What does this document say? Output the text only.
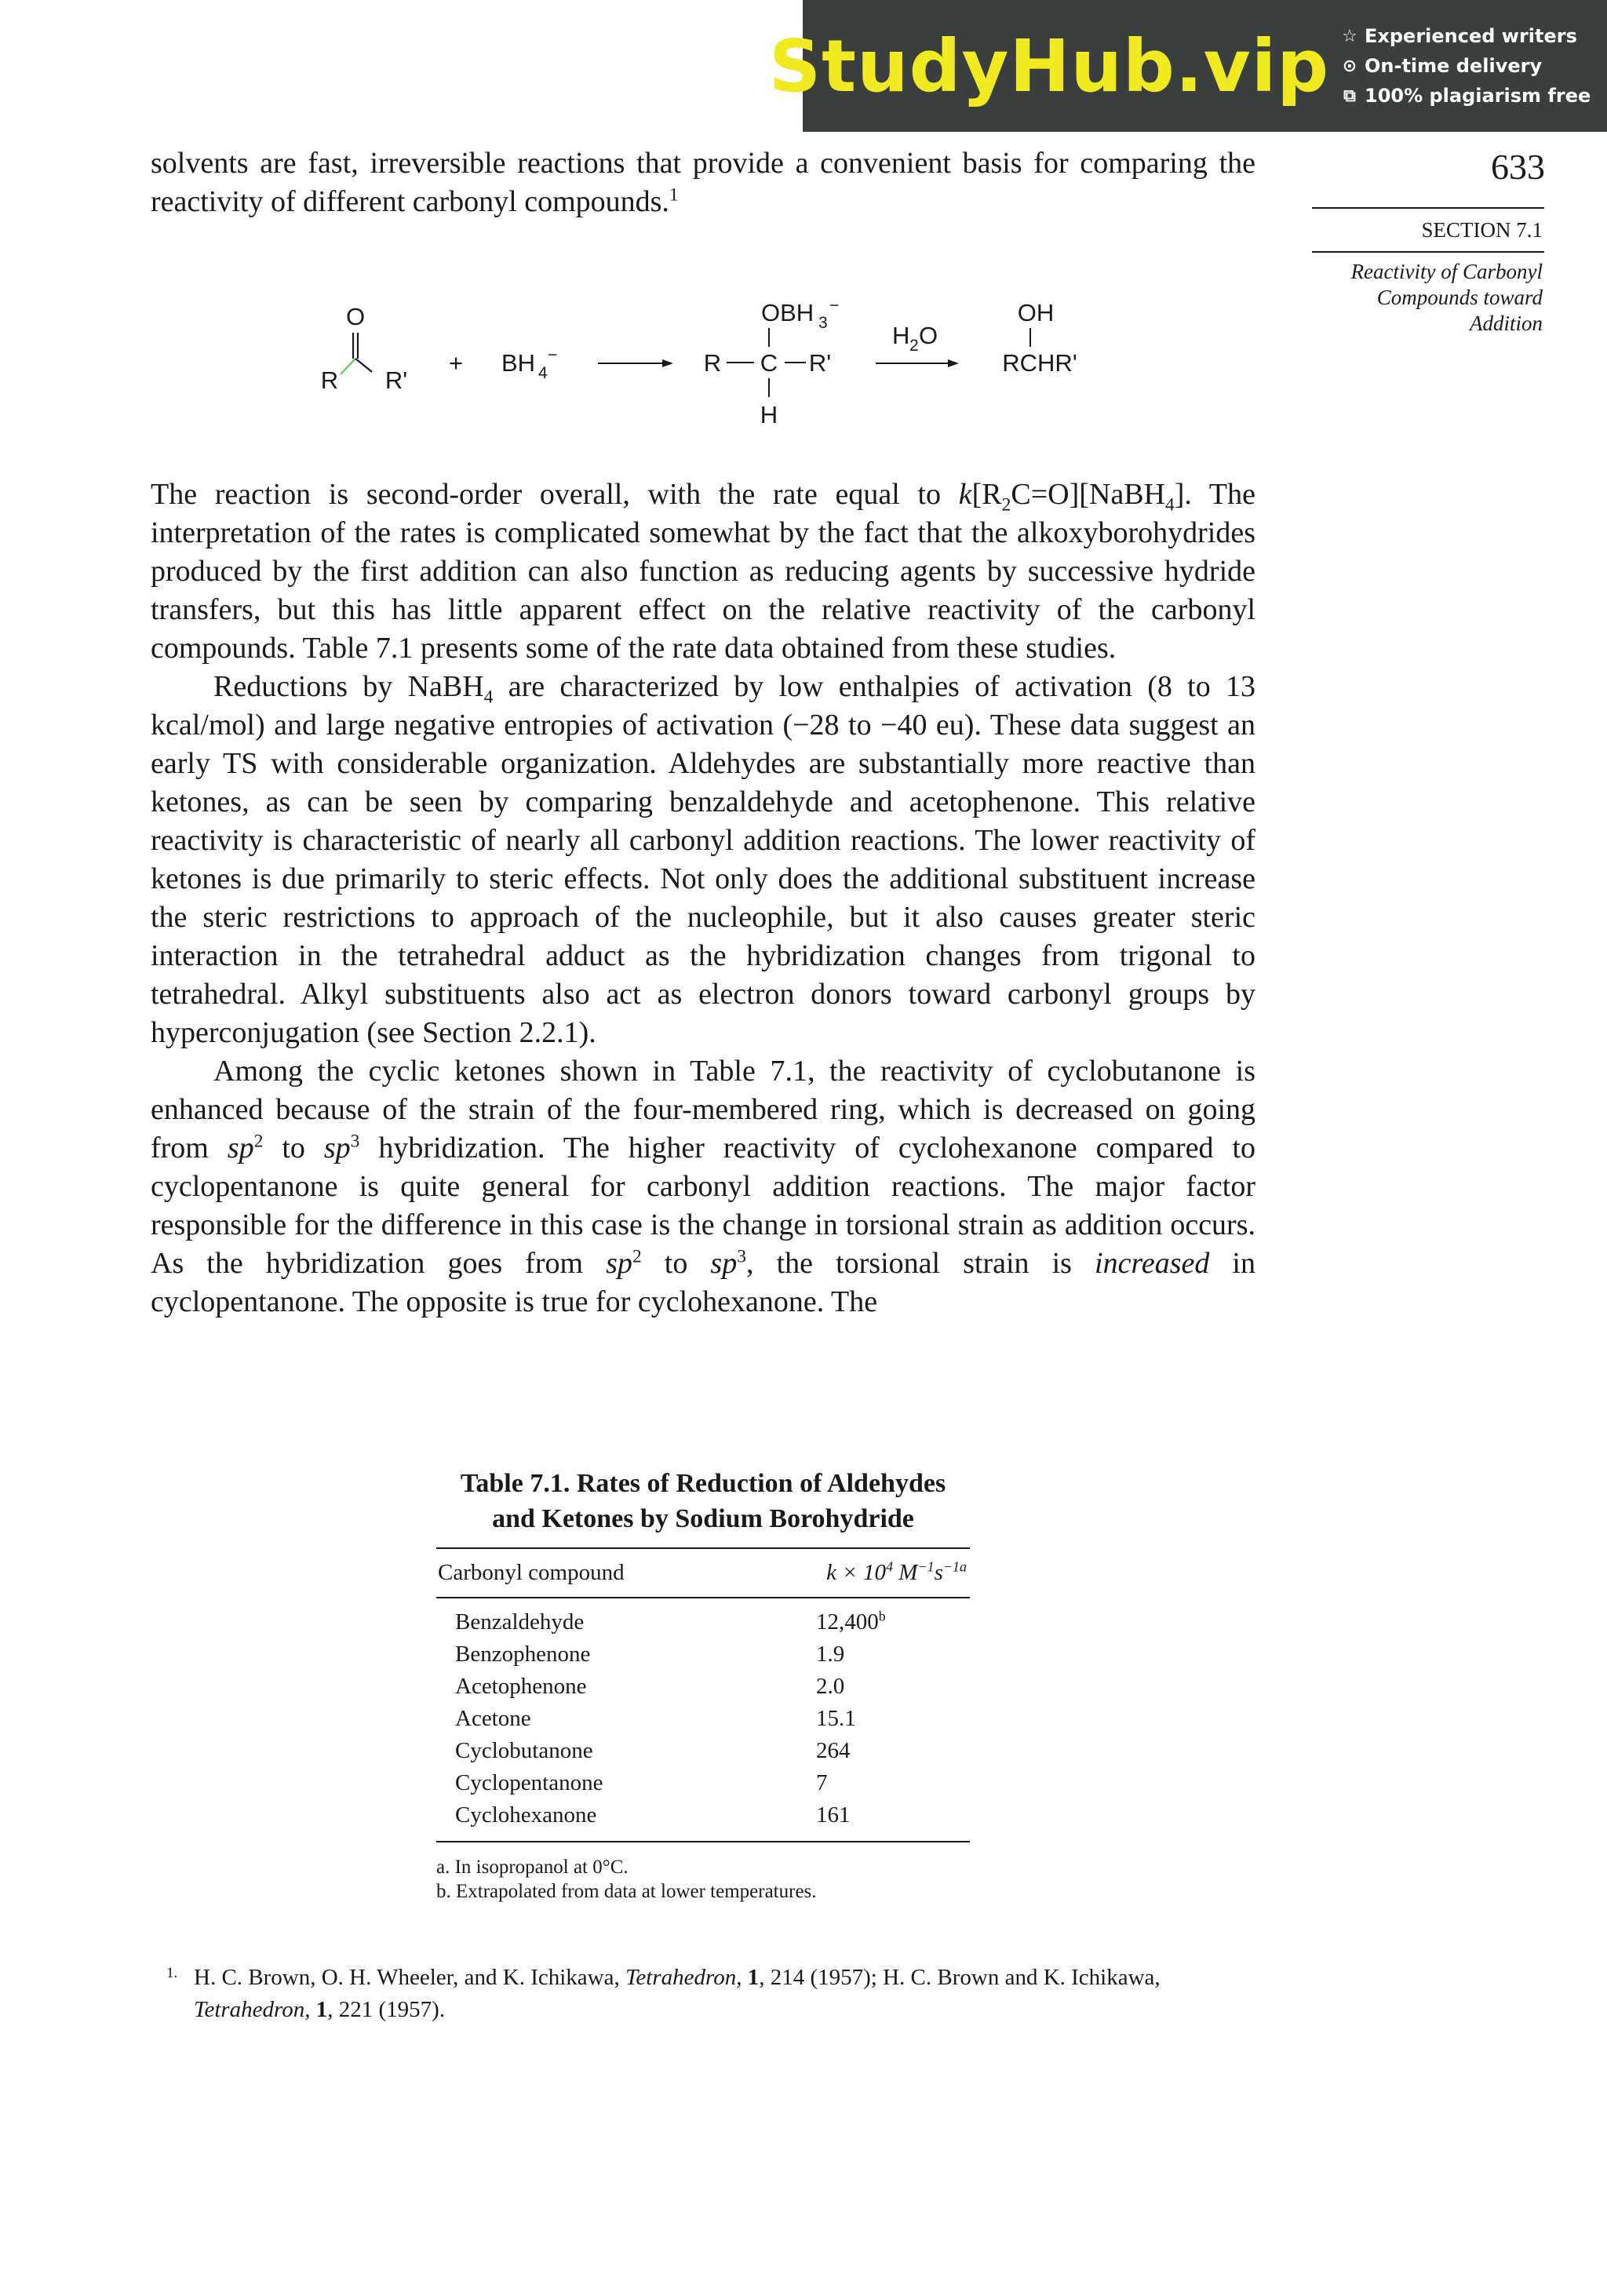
StudyHub.vip ☆ Experienced writers
⊙ On-time delivery
⧉ 100% plagiarism free
633
SECTION 7.1
Reactivity of Carbonyl
Compounds toward
Addition

solvents are fast, irreversible reactions that provide a convenient basis for comparing the reactivity of different carbonyl compounds.$^1$

O
R R'
+ BH 4
−
OBH 3
−
R C R'
H
H 2 O
OH
RCHR'

The reaction is second-order overall, with the rate equal to $k[R_2C=O][NaBH_4]$. The interpretation of the rates is complicated somewhat by the fact that the alkoxyborohydrides produced by the first addition can also function as reducing agents by successive hydride transfers, but this has little apparent effect on the relative reactivity of the carbonyl compounds. Table 7.1 presents some of the rate data obtained from these studies.

Reductions by NaBH$_4$ are characterized by low enthalpies of activation (8 to 13 kcal/mol) and large negative entropies of activation (−28 to −40 eu). These data suggest an early TS with considerable organization. Aldehydes are substantially more reactive than ketones, as can be seen by comparing benzaldehyde and acetophenone. This relative reactivity is characteristic of nearly all carbonyl addition reactions. The lower reactivity of ketones is due primarily to steric effects. Not only does the additional substituent increase the steric restrictions to approach of the nucleophile, but it also causes greater steric interaction in the tetrahedral adduct as the hybridization changes from trigonal to tetrahedral. Alkyl substituents also act as electron donors toward carbonyl groups by hyperconjugation (see Section 2.2.1).

Among the cyclic ketones shown in Table 7.1, the reactivity of cyclobutanone is enhanced because of the strain of the four-membered ring, which is decreased on going from $sp^2$ to $sp^3$ hybridization. The higher reactivity of cyclohexanone compared to cyclopentanone is quite general for carbonyl addition reactions. The major factor responsible for the difference in this case is the change in torsional strain as addition occurs. As the hybridization goes from $sp^2$ to $sp^3$, the torsional strain is increased in cyclopentanone. The opposite is true for cyclohexanone. The

Table 7.1. Rates of Reduction of Aldehydes
and Ketones by Sodium Borohydride
Carbonyl compound	$k \times 10^4$ $M^{-1}s^{-1a}$
Benzaldehyde	12,400$^b$
Benzophenone	1.9
Acetophenone	2.0
Acetone	15.1
Cyclobutanone	264
Cyclopentanone	7
Cyclohexanone	161
a. In isopropanol at 0°C.
b. Extrapolated from data at lower temperatures.
1. H. C. Brown, O. H. Wheeler, and K. Ichikawa, Tetrahedron, 1, 214 (1957); H. C. Brown and K. Ichikawa, Tetrahedron, 1, 221 (1957).
